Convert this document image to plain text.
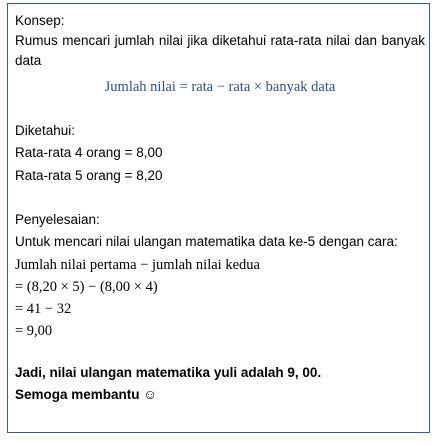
Konsep:
Rumus mencari jumlah nilai jika diketahui rata-rata nilai dan banyak data
Jumlah nilai = rata − rata × banyak data
Diketahui:
Rata-rata 4 orang = 8,00
Rata-rata 5 orang = 8,20
Penyelesaian:
Untuk mencari nilai ulangan matematika data ke-5 dengan cara:
Jumlah nilai pertama − jumlah nilai kedua
= (8,20 × 5) − (8,00 × 4)
= 41 − 32
= 9,00
Jadi, nilai ulangan matematika yuli adalah 9, 00.
Semoga membantu ☺
